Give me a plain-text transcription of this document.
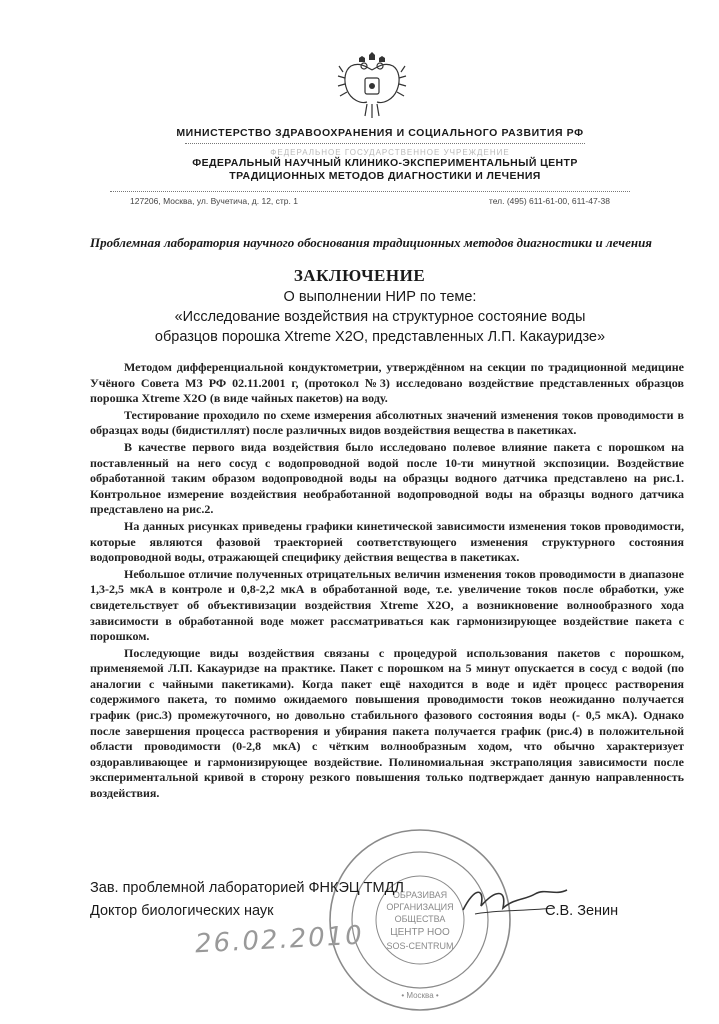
МИНИСТЕРСТВО ЗДРАВООХРАНЕНИЯ И СОЦИАЛЬНОГО РАЗВИТИЯ РФ
ФЕДЕРАЛЬНОЕ ГОСУДАРСТВЕННОЕ УЧРЕЖДЕНИЕ
ФЕДЕРАЛЬНЫЙ НАУЧНЫЙ КЛИНИКО-ЭКСПЕРИМЕНТАЛЬНЫЙ ЦЕНТР
ТРАДИЦИОННЫХ МЕТОДОВ ДИАГНОСТИКИ И ЛЕЧЕНИЯ
127206, Москва, ул. Вучетича, д. 12, стр. 1	тел. (495) 611-61-00, 611-47-38
Проблемная лаборатория научного обоснования традиционных методов диагностики и лечения
ЗАКЛЮЧЕНИЕ
О выполнении НИР по теме:
«Исследование воздействия на структурное состояние воды
образцов порошка Xtreme X2O, представленных Л.П. Какауридзе»

Методом дифференциальной кондуктометрии, утверждённом на секции по традиционной медицине Учёного Совета МЗ РФ 02.11.2001 г, (протокол №3) исследовано воздействие представленных образцов порошка Xtreme X2O (в виде чайных пакетов) на воду.

Тестирование проходило по схеме измерения абсолютных значений изменения токов проводимости в образцах воды (бидистиллят) после различных видов воздействия вещества в пакетиках.

В качестве первого вида воздействия было исследовано полевое влияние пакета с порошком на поставленный на него сосуд с водопроводной водой после 10-ти минутной экспозиции. Воздействие обработанной таким образом водопроводной воды на образцы водного датчика представлено на рис.1. Контрольное измерение воздействия необработанной водопроводной воды на образцы водного датчика представлено на рис.2.

На данных рисунках приведены графики кинетической зависимости изменения токов проводимости, которые являются фазовой траекторией соответствующего изменения структурного состояния водопроводной воды, отражающей специфику действия вещества в пакетиках.

Небольшое отличие полученных отрицательных величин изменения токов проводимости в диапазоне 1,3-2,5 мкА в контроле и 0,8-2,2 мкА в обработанной воде, т.е. увеличение токов после обработки, уже свидетельствует об объективизации воздействия Xtreme X2O, а возникновение волнообразного хода зависимости в обработанной воде может рассматриваться как гармонизирующее воздействие пакета с порошком.

Последующие виды воздействия связаны с процедурой использования пакетов с порошком, применяемой Л.П. Какауридзе на практике. Пакет с порошком на 5 минут опускается в сосуд с водой (по аналогии с чайными пакетиками). Когда пакет ещё находится в воде и идёт процесс растворения содержимого пакета, то помимо ожидаемого повышения проводимости токов неожиданно получается график (рис.3) промежуточного, но довольно стабильного фазового состояния воды (- 0,5 мкА). Однако после завершения процесса растворения и убирания пакета получается график (рис.4) в положительной области проводимости (0-2,8 мкА) с чётким волнообразным ходом, что обычно характеризует оздоравливающее и гармонизирующее воздействие. Полиномиальная экстраполяция зависимости после экспериментальной кривой в сторону резкого повышения только подтверждает данную направленность воздействия.

ОБРАЗИВАЯ
ОРГАНИЗАЦИЯ
ОБЩЕСТВА
ЦЕНТР НОО
SOS-CENTRUM
• Москва •
Зав. проблемной лабораторией ФНКЭЦ ТМДЛ
Доктор биологических наук	С.В. Зенин
26.02.2010
